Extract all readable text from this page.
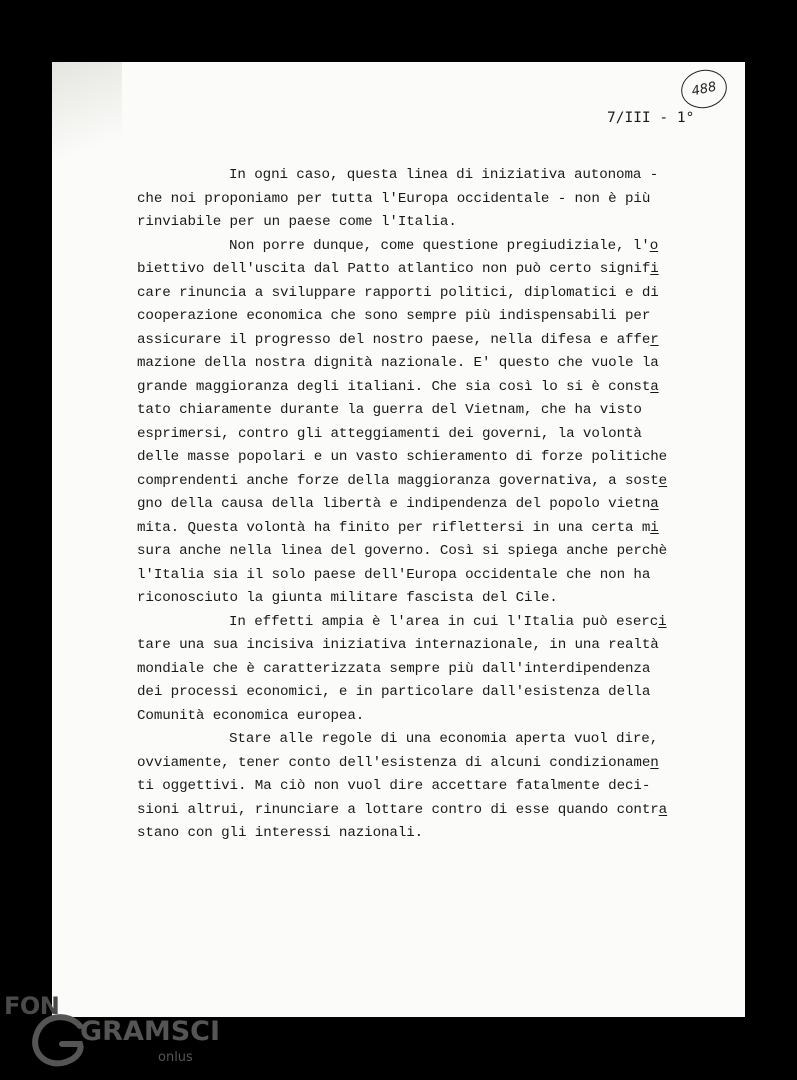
488
7/III - 1°
In ogni caso, questa linea di iniziativa autonoma -
che noi proponiamo per tutta l'Europa occidentale - non è più
rinviabile per un paese come l'Italia.
Non porre dunque, come questione pregiudiziale, l'o
biettivo dell'uscita dal Patto atlantico non può certo signifi
care rinuncia a sviluppare rapporti politici, diplomatici e di
cooperazione economica che sono sempre più indispensabili per
assicurare il progresso del nostro paese, nella difesa e affer
mazione della nostra dignità nazionale. E' questo che vuole la
grande maggioranza degli italiani. Che sia così lo si è consta
tato chiaramente durante la guerra del Vietnam, che ha visto
esprimersi, contro gli atteggiamenti dei governi, la volontà
delle masse popolari e un vasto schieramento di forze politiche
comprendenti anche forze della maggioranza governativa, a soste
gno della causa della libertà e indipendenza del popolo vietna
mita. Questa volontà ha finito per riflettersi in una certa mi
sura anche nella linea del governo. Così si spiega anche perchè
l'Italia sia il solo paese dell'Europa occidentale che non ha
riconosciuto la giunta militare fascista del Cile.
In effetti ampia è l'area in cui l'Italia può eserci
tare una sua incisiva iniziativa internazionale, in una realtà
mondiale che è caratterizzata sempre più dall'interdipendenza
dei processi economici, e in particolare dall'esistenza della
Comunità economica europea.
Stare alle regole di una economia aperta vuol dire,
ovviamente, tener conto dell'esistenza di alcuni condizionamen
ti oggettivi. Ma ciò non vuol dire accettare fatalmente deci-
sioni altrui, rinunciare a lottare contro di esse quando contra
stano con gli interessi nazionali.
FON
GRAMSCI
onlus
